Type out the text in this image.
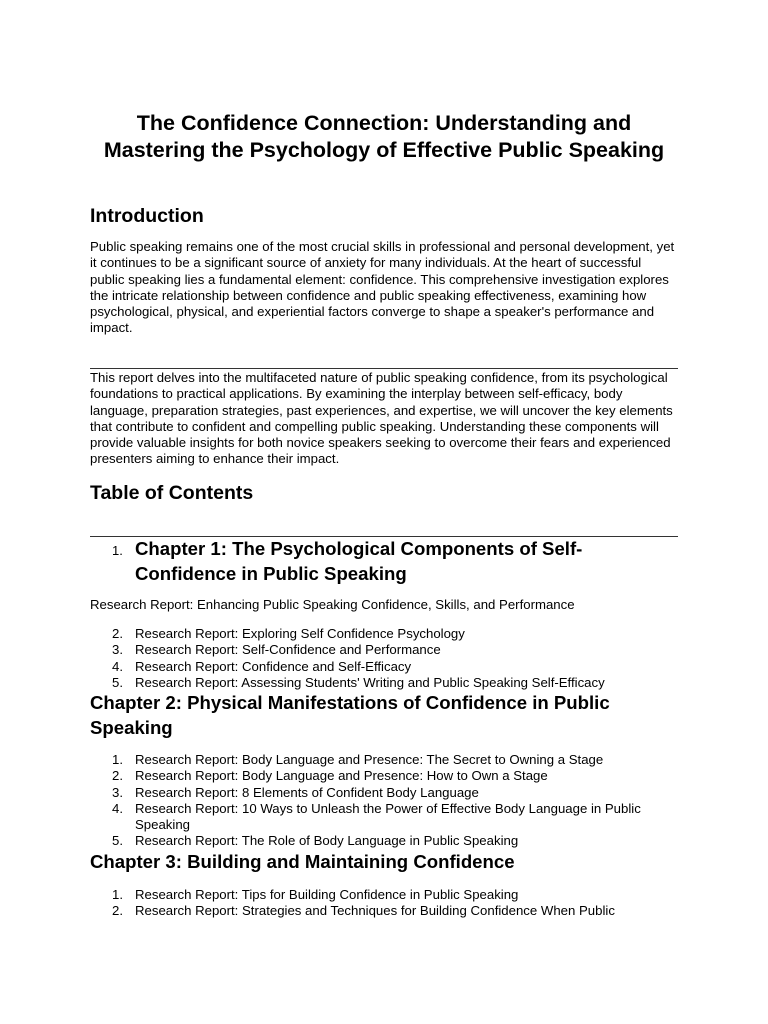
The Confidence Connection: Understanding and Mastering the Psychology of Effective Public Speaking
Introduction

Public speaking remains one of the most crucial skills in professional and personal development, yet it continues to be a significant source of anxiety for many individuals. At the heart of successful public speaking lies a fundamental element: confidence. This comprehensive investigation explores the intricate relationship between confidence and public speaking effectiveness, examining how psychological, physical, and experiential factors converge to shape a speaker's performance and impact.

This report delves into the multifaceted nature of public speaking confidence, from its psychological foundations to practical applications. By examining the interplay between self-efficacy, body language, preparation strategies, past experiences, and expertise, we will uncover the key elements that contribute to confident and compelling public speaking. Understanding these components will provide valuable insights for both novice speakers seeking to overcome their fears and experienced presenters aiming to enhance their impact.

Table of Contents
1. Chapter 1: The Psychological Components of Self-Confidence in Public Speaking

Research Report: Enhancing Public Speaking Confidence, Skills, and Performance

2. Research Report: Exploring Self Confidence Psychology
3. Research Report: Self-Confidence and Performance
4. Research Report: Confidence and Self-Efficacy
5. Research Report: Assessing Students' Writing and Public Speaking Self-Efficacy
Chapter 2: Physical Manifestations of Confidence in Public Speaking
1. Research Report: Body Language and Presence: The Secret to Owning a Stage
2. Research Report: Body Language and Presence: How to Own a Stage
3. Research Report: 8 Elements of Confident Body Language
4. Research Report: 10 Ways to Unleash the Power of Effective Body Language in Public Speaking
5. Research Report: The Role of Body Language in Public Speaking
Chapter 3: Building and Maintaining Confidence
1. Research Report: Tips for Building Confidence in Public Speaking
2. Research Report: Strategies and Techniques for Building Confidence When Public
